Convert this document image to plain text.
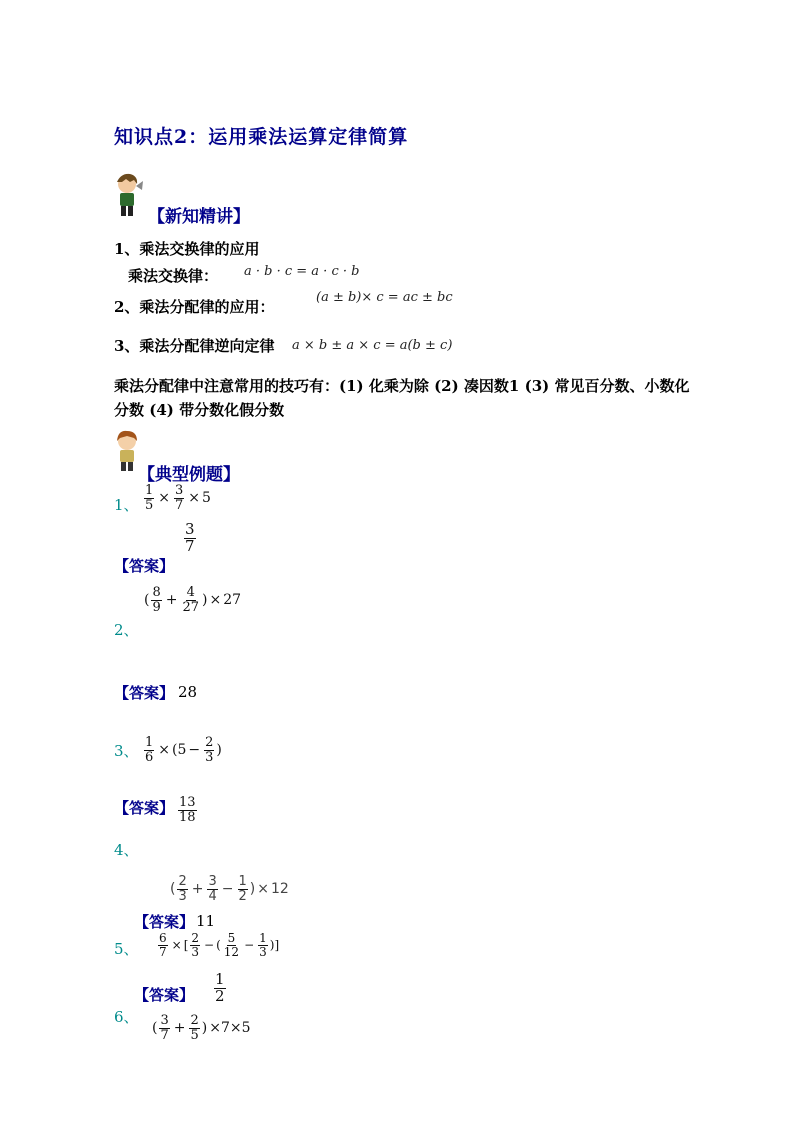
知识点2：运用乘法运算定律简算
【新知精讲】
1、乘法交换律的应用
乘法交换律： a · b · c = a · c · b
2、乘法分配律的应用：
(a ± b)× c = ac ± bc
3、乘法分配律逆向定律 a × b ± a × c = a(b ± c)
乘法分配律中注意常用的技巧有：(1) 化乘为除 (2) 凑因数1 (3) 常见百分数、小数化分数 (4) 带分数化假分数
【典型例题】
1、 $\frac{1}{5} \times \frac{3}{7} \times 5$
$\frac{3}{7}$
【答案】
( $\frac{8}{9} + \frac{4}{27}$ ) × 27
2、
【答案】 28
3、 $\frac{1}{6}$ × ( $5 - \frac{2}{3}$ )
【答案】 $\frac{13}{18}$
4、
( $\frac{2}{3} + \frac{3}{4} - \frac{1}{2}$ ) × 12
【答案】 11
5、 $\frac{6}{7}$ × [ $\frac{2}{3}$ − ( $\frac{5}{12} - \frac{1}{3}$ )]
【答案】 $\frac{1}{2}$
6、
( $\frac{3}{7} + \frac{2}{5}$ ) ×7×5
